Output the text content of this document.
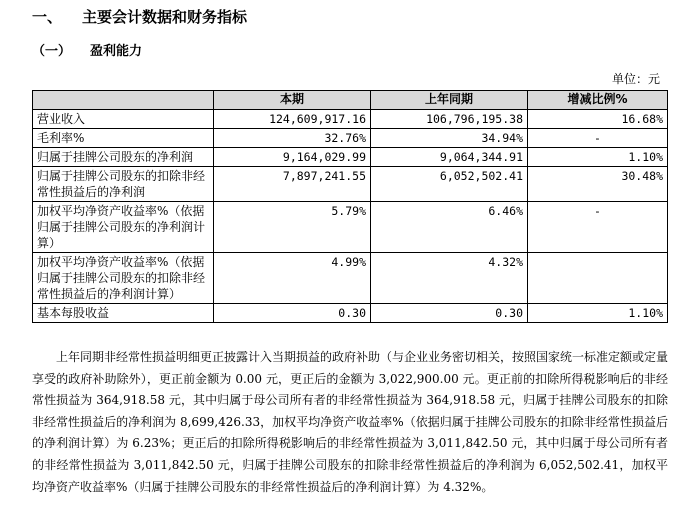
一、 主要会计数据和财务指标
（一） 盈利能力
单位：元
	本期	上年同期	增减比例%
营业收入	124,609,917.16	106,796,195.38	16.68%
毛利率%	32.76%	34.94%	-
归属于挂牌公司股东的净利润	9,164,029.99	9,064,344.91	1.10%
归属于挂牌公司股东的扣除非经常性损益后的净利润	7,897,241.55	6,052,502.41	30.48%
加权平均净资产收益率%（依据归属于挂牌公司股东的净利润计算）	5.79%	6.46%	-
加权平均净资产收益率%（依据归属于挂牌公司股东的扣除非经常性损益后的净利润计算）	4.99%	4.32%	
基本每股收益	0.30	0.30	1.10%

上年同期非经常性损益明细更正披露计入当期损益的政府补助（与企业业务密切相关，按照国家统一标准定额或定量享受的政府补助除外），更正前金额为 0.00 元，更正后的金额为 3,022,900.00 元。更正前的扣除所得税影响后的非经常性损益为 364,918.58 元，其中归属于母公司所有者的非经常性损益为 364,918.58 元，归属于挂牌公司股东的扣除非经常性损益后的净利润为 8,699,426.33，加权平均净资产收益率%（依据归属于挂牌公司股东的扣除非经常性损益后的净利润计算）为 6.23%；更正后的扣除所得税影响后的非经常性损益为 3,011,842.50 元，其中归属于母公司所有者的非经常性损益为 3,011,842.50 元，归属于挂牌公司股东的扣除非经常性损益后的净利润为 6,052,502.41，加权平均净资产收益率%（归属于挂牌公司股东的非经常性损益后的净利润计算）为 4.32%。
